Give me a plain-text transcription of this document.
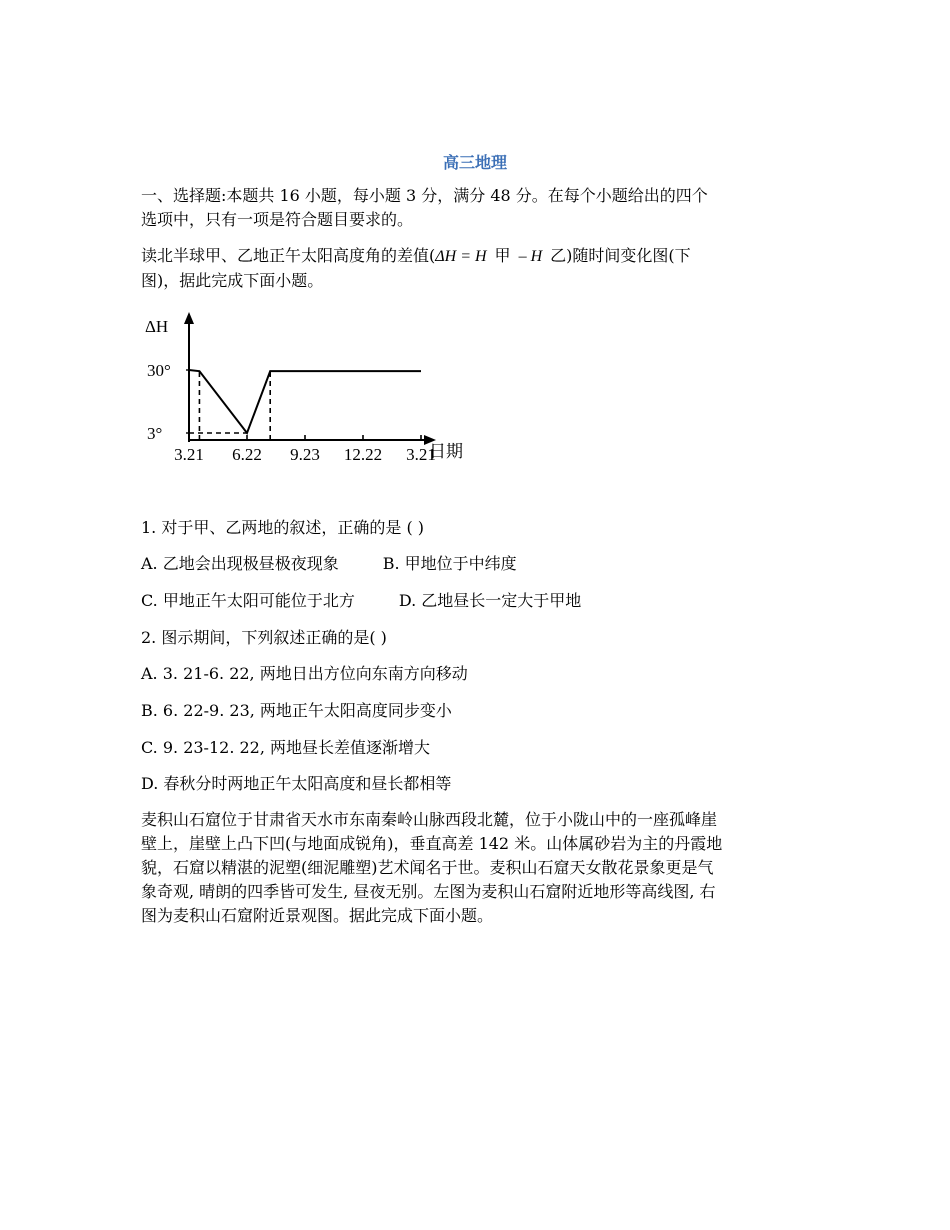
高三地理
一、选择题:本题共 16 小题，每小题 3 分，满分 48 分。在每个小题给出的四个
选项中，只有一项是符合题目要求的。
读北半球甲、乙地正午太阳高度角的差值(ΔH = H 甲 – H 乙)随时间变化图(下
图)，据此完成下面小题。
ΔH
日期
30°
3°
3.21 6.22 9.23 12.22 3.21
1. 对于甲、乙两地的叙述，正确的是 ( )
A. 乙地会出现极昼极夜现象	B. 甲地位于中纬度
C. 甲地正午太阳可能位于北方	D. 乙地昼长一定大于甲地
2. 图示期间，下列叙述正确的是( )
A. 3. 21-6. 22, 两地日出方位向东南方向移动
B. 6. 22-9. 23, 两地正午太阳高度同步变小
C. 9. 23-12. 22, 两地昼长差值逐渐增大
D. 春秋分时两地正午太阳高度和昼长都相等
麦积山石窟位于甘肃省天水市东南秦岭山脉西段北麓，位于小陇山中的一座孤峰崖
壁上，崖壁上凸下凹(与地面成锐角)，垂直高差 142 米。山体属砂岩为主的丹霞地
貌，石窟以精湛的泥塑(细泥雕塑)艺术闻名于世。麦积山石窟天女散花景象更是气
象奇观, 晴朗的四季皆可发生, 昼夜无别。左图为麦积山石窟附近地形等高线图, 右
图为麦积山石窟附近景观图。据此完成下面小题。
